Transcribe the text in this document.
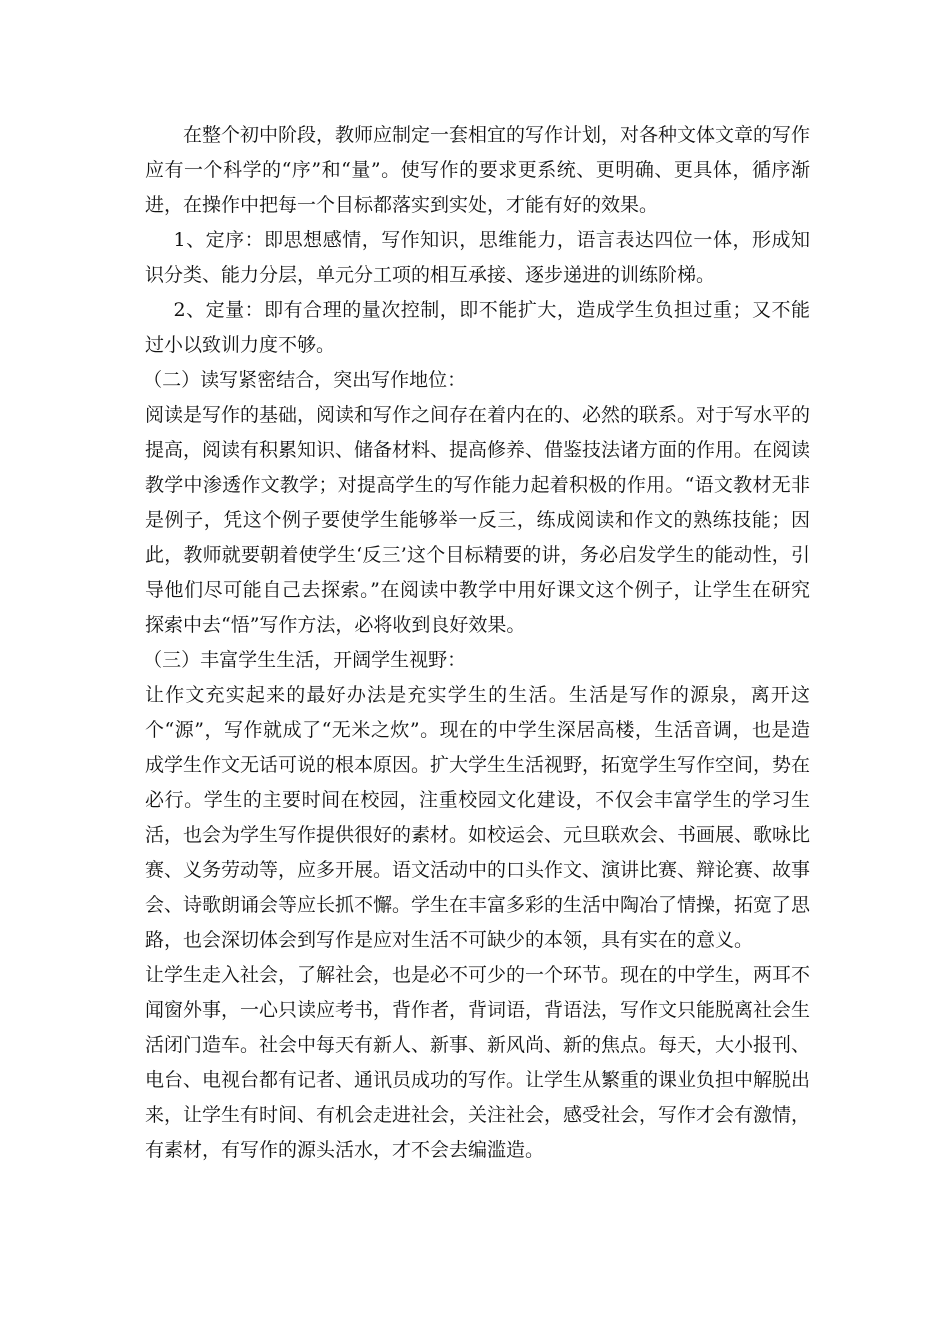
在整个初中阶段，教师应制定一套相宜的写作计划，对各种文体文章的写作应有一个科学的“序”和“量”。使写作的要求更系统、更明确、更具体，循序渐进，在操作中把每一个目标都落实到实处，才能有好的效果。

1、定序：即思想感情，写作知识，思维能力，语言表达四位一体，形成知识分类、能力分层，单元分工项的相互承接、逐步递进的训练阶梯。

2、定量：即有合理的量次控制，即不能扩大，造成学生负担过重；又不能过小以致训力度不够。

（二）读写紧密结合，突出写作地位：

阅读是写作的基础，阅读和写作之间存在着内在的、必然的联系。对于写水平的提高，阅读有积累知识、储备材料、提高修养、借鉴技法诸方面的作用。在阅读教学中渗透作文教学；对提高学生的写作能力起着积极的作用。“语文教材无非是例子，凭这个例子要使学生能够举一反三，练成阅读和作文的熟练技能；因此，教师就要朝着使学生‘反三’这个目标精要的讲，务必启发学生的能动性，引导他们尽可能自己去探索。”在阅读中教学中用好课文这个例子，让学生在研究探索中去“悟”写作方法，必将收到良好效果。

（三）丰富学生生活，开阔学生视野：

让作文充实起来的最好办法是充实学生的生活。生活是写作的源泉，离开这个“源”，写作就成了“无米之炊”。现在的中学生深居高楼，生活音调，也是造成学生作文无话可说的根本原因。扩大学生生活视野，拓宽学生写作空间，势在必行。学生的主要时间在校园，注重校园文化建设，不仅会丰富学生的学习生活，也会为学生写作提供很好的素材。如校运会、元旦联欢会、书画展、歌咏比赛、义务劳动等，应多开展。语文活动中的口头作文、演讲比赛、辩论赛、故事会、诗歌朗诵会等应长抓不懈。学生在丰富多彩的生活中陶冶了情操，拓宽了思路，也会深切体会到写作是应对生活不可缺少的本领，具有实在的意义。

让学生走入社会，了解社会，也是必不可少的一个环节。现在的中学生，两耳不闻窗外事，一心只读应考书，背作者，背词语，背语法，写作文只能脱离社会生活闭门造车。社会中每天有新人、新事、新风尚、新的焦点。每天，大小报刊、电台、电视台都有记者、通讯员成功的写作。让学生从繁重的课业负担中解脱出来，让学生有时间、有机会走进社会，关注社会，感受社会，写作才会有激情，有素材，有写作的源头活水，才不会去编滥造。
